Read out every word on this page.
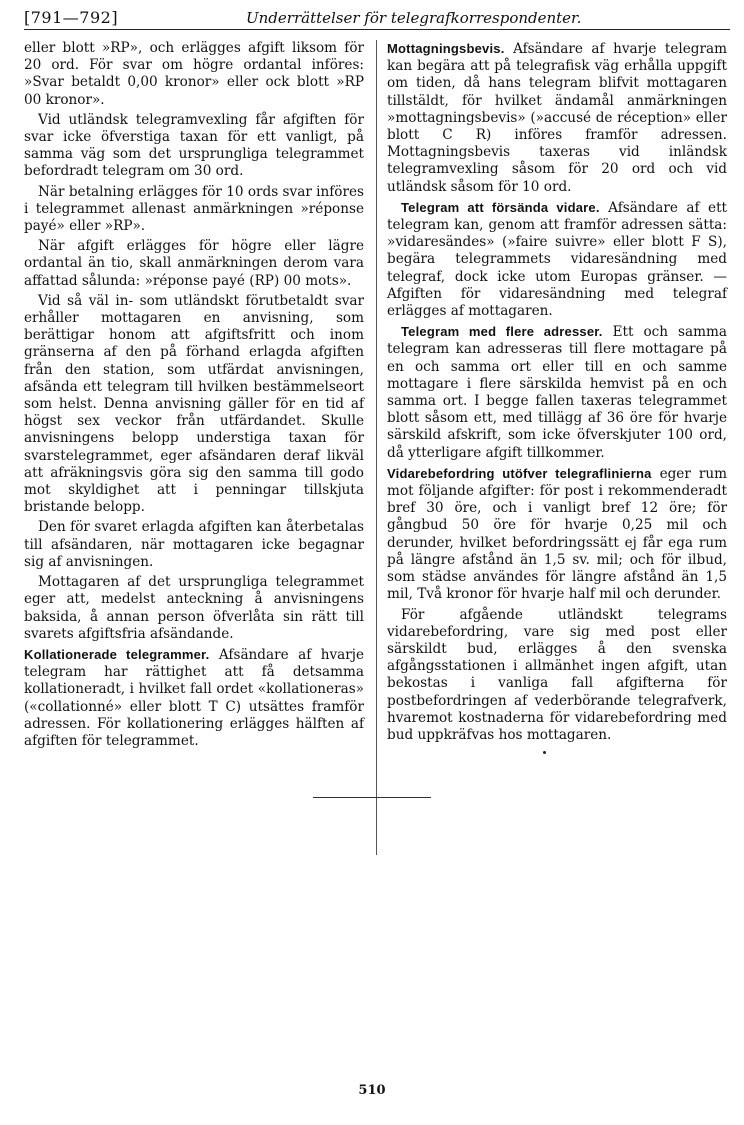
[791—792]	Underrättelser för telegrafkorrespondenter.

eller blott »RP», och erlägges afgift liksom för 20 ord. För svar om högre ordantal införes: »Svar betaldt 0,00 kronor» eller ock blott »RP 00 kronor».

Vid utländsk telegramvexling får afgiften för svar icke öfverstiga taxan för ett vanligt, på samma väg som det ursprungliga telegrammet befordradt telegram om 30 ord.

När betalning erlägges för 10 ords svar införes i telegrammet allenast anmärkningen »réponse payé» eller »RP».

När afgift erlägges för högre eller lägre ordantal än tio, skall anmärkningen derom vara affattad sålunda: »réponse payé (RP) 00 mots».

Vid så väl in- som utländskt förutbetaldt svar erhåller mottagaren en anvisning, som berättigar honom att afgiftsfritt och inom gränserna af den på förhand erlagda afgiften från den station, som utfärdat anvisningen, afsända ett telegram till hvilken bestämmelseort som helst. Denna anvisning gäller för en tid af högst sex veckor från utfärdandet. Skulle anvisningens belopp understiga taxan för svarstelegrammet, eger afsändaren deraf likväl att afräkningsvis göra sig den samma till godo mot skyldighet att i penningar tillskjuta bristande belopp.

Den för svaret erlagda afgiften kan återbetalas till afsändaren, när mottagaren icke begagnar sig af anvisningen.

Mottagaren af det ursprungliga telegrammet eger att, medelst anteckning å anvisningens baksida, å annan person öfverlåta sin rätt till svarets afgiftsfria afsändande.

Kollationerade telegrammer. Afsändare af hvarje telegram har rättighet att få detsamma kollationeradt, i hvilket fall ordet «kollationeras» («collationné» eller blott T C) utsättes framför adressen. För kollationering erlägges hälften af afgiften för telegrammet.

Mottagningsbevis. Afsändare af hvarje telegram kan begära att på telegrafisk väg erhålla uppgift om tiden, då hans telegram blifvit mottagaren tillstäldt, för hvilket ändamål anmärkningen »mottagningsbevis» (»accusé de réception» eller blott C R) införes framför adressen. Mottagningsbevis taxeras vid inländsk telegramvexling såsom för 20 ord och vid utländsk såsom för 10 ord.

Telegram att försända vidare. Afsändare af ett telegram kan, genom att framför adressen sätta: »vidaresändes» (»faire suivre» eller blott F S), begära telegrammets vidaresändning med telegraf, dock icke utom Europas gränser. — Afgiften för vidaresändning med telegraf erlägges af mottagaren.

Telegram med flere adresser. Ett och samma telegram kan adresseras till flere mottagare på en och samma ort eller till en och samme mottagare i flere särskilda hemvist på en och samma ort. I begge fallen taxeras telegrammet blott såsom ett, med tillägg af 36 öre för hvarje särskild afskrift, som icke öfverskjuter 100 ord, då ytterligare afgift tillkommer.

Vidarebefordring utöfver telegraflinierna eger rum mot följande afgifter: för post i rekommenderadt bref 30 öre, och i vanligt bref 12 öre; för gångbud 50 öre för hvarje 0,25 mil och derunder, hvilket befordringssätt ej får ega rum på längre afstånd än 1,5 sv. mil; och för ilbud, som städse användes för längre afstånd än 1,5 mil, Två kronor för hvarje half mil och derunder.

För afgående utländskt telegrams vidarebefordring, vare sig med post eller särskildt bud, erlägges å den svenska afgångsstationen i allmänhet ingen afgift, utan bekostas i vanliga fall afgifterna för postbefordringen af vederbörande telegrafverk, hvaremot kostnaderna för vidarebefordring med bud uppkräfvas hos mottagaren.

510
